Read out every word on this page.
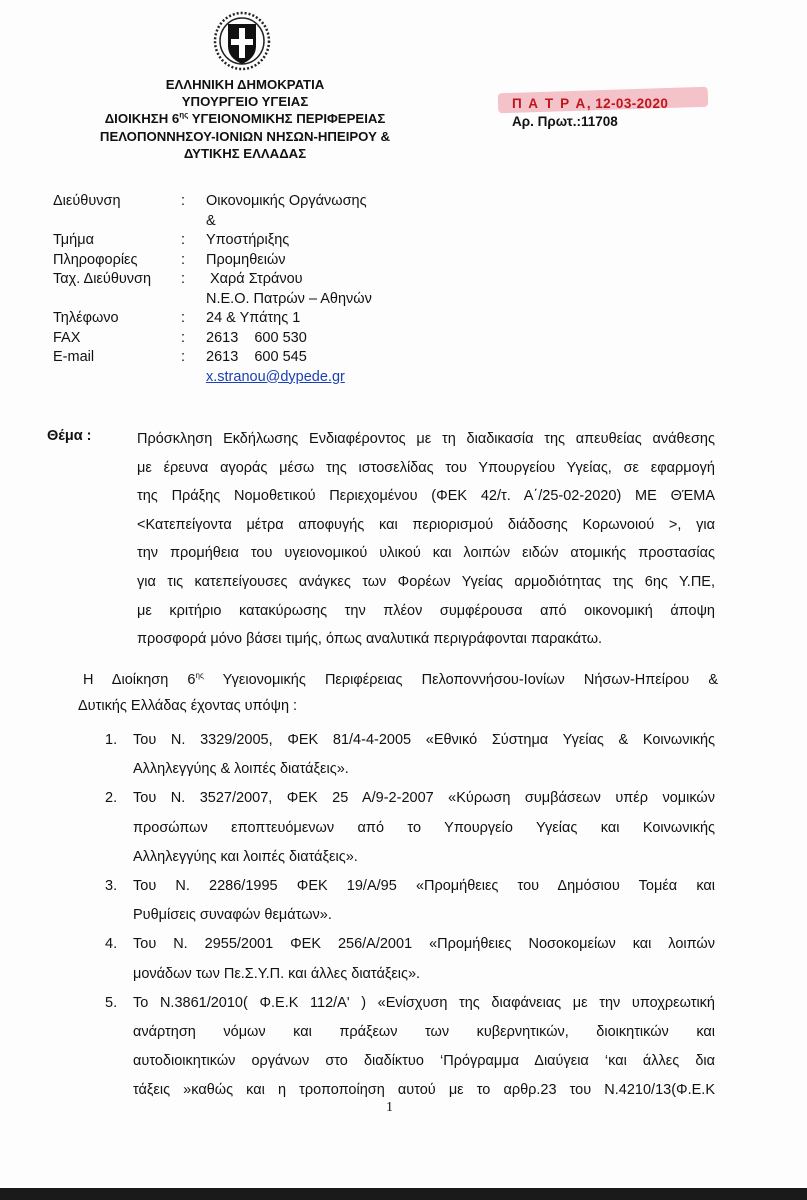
ΕΛΛΗΝΙΚΗ ΔΗΜΟΚΡΑΤΙΑ
ΥΠΟΥΡΓΕΙΟ ΥΓΕΙΑΣ
ΔΙΟΙΚΗΣΗ $6^{\eta\varsigma}$ ΥΓΕΙΟΝΟΜΙΚΗΣ ΠΕΡΙΦΕΡΕΙΑΣ
ΠΕΛΟΠΟΝΝΗΣΟΥ-ΙΟΝΙΩΝ ΝΗΣΩΝ-ΗΠΕΙΡΟΥ &
ΔΥΤΙΚΗΣ ΕΛΛΑΔΑΣ
Π Α Τ Ρ Α, 12-03-2020
Αρ. Πρωτ.:11708
Διεύθυνση	: Οικονομικής Οργάνωσης
&
Τμήμα	: Υποστήριξης
Πληροφορίες	: Προμηθειών
Ταχ. Διεύθυνση : Χαρά Στράνου
Ν.Ε.Ο. Πατρών – Αθηνών
Τηλέφωνο	: 24 & Υπάτης 1
FAX	: 2613    600 530
E-mail	: 2613    600 545
x.stranou@dypede.gr
Θέμα :	Πρόσκληση Εκδήλωσης Ενδιαφέροντος με τη διαδικασία της απευθείας ανάθεσης
με έρευνα αγοράς μέσω της ιστοσελίδας του Υπουργείου Υγείας, σε εφαρμογή
της Πράξης Νομοθετικού Περιεχομένου (ΦΕΚ 42/τ. Α΄/25-02-2020) ΜΕ ΘΈΜΑ
<Κατεπείγοντα μέτρα αποφυγής και περιορισμού διάδοσης Κορωνοιού >, για
την προμήθεια του υγειονομικού υλικού και λοιπών ειδών ατομικής προστασίας
για τις κατεπείγουσες ανάγκες των Φορέων Υγείας αρμοδιότητας της 6ης Υ.ΠΕ,
με κριτήριο κατακύρωσης την πλέον συμφέρουσα από οικονομική άποψη
προσφορά μόνο βάσει τιμής, όπως αναλυτικά περιγράφονται παρακάτω.
Η Διοίκηση $6^{\eta\varsigma}$ Υγειονομικής Περιφέρειας Πελοποννήσου-Ιονίων Νήσων-Ηπείρου &
Δυτικής Ελλάδας έχοντας υπόψη :
1. Του Ν. 3329/2005, ΦΕΚ 81/4-4-2005 «Εθνικό Σύστημα Υγείας & Κοινωνικής
Αλληλεγγύης & λοιπές διατάξεις».
2. Του Ν. 3527/2007, ΦΕΚ 25 Α/9-2-2007 «Κύρωση συμβάσεων υπέρ νομικών
προσώπων εποπτευόμενων από το Υπουργείο Υγείας και Κοινωνικής
Αλληλεγγύης και λοιπές διατάξεις».
3. Του Ν. 2286/1995 ΦΕΚ 19/Α/95 «Προμήθειες του Δημόσιου Τομέα και
Ρυθμίσεις συναφών θεμάτων».
4. Του Ν. 2955/2001 ΦΕΚ 256/Α/2001 «Προμήθειες Νοσοκομείων και λοιπών
μονάδων των Πε.Σ.Υ.Π. και άλλες διατάξεις».
5. Το Ν.3861/2010( Φ.Ε.Κ 112/Α' ) «Ενίσχυση της διαφάνειας με την υποχρεωτική
ανάρτηση νόμων και πράξεων των κυβερνητικών, διοικητικών και
αυτοδιοικητικών οργάνων στο διαδίκτυο ‘Πρόγραμμα Διαύγεια ‘και άλλες δια
τάξεις »καθώς και η τροποποίηση αυτού με το αρθρ.23 του Ν.4210/13(Φ.Ε.Κ
1
